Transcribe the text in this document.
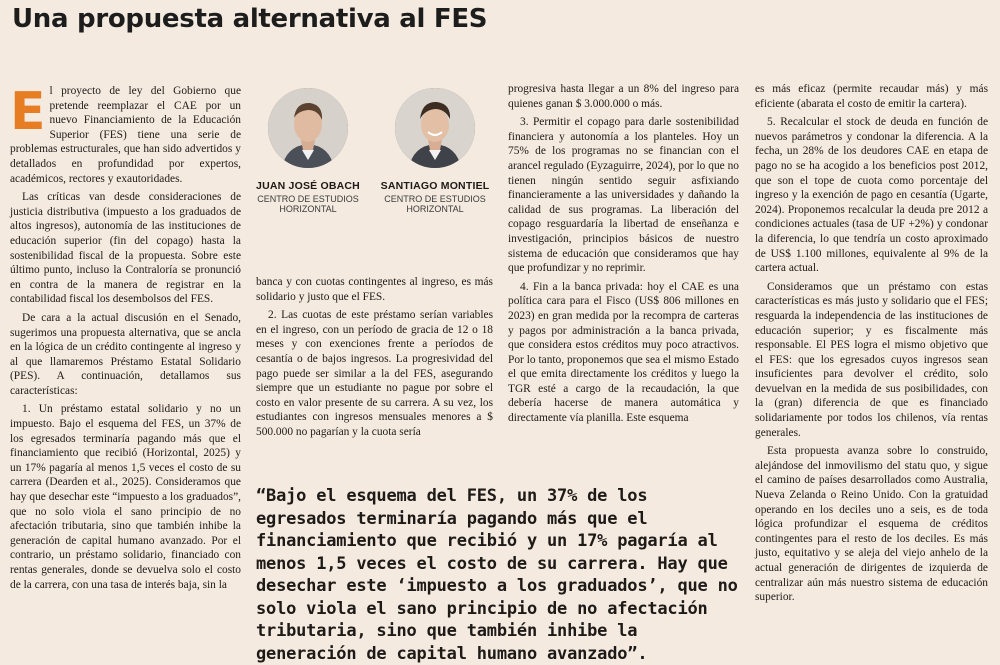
Una propuesta alternativa al FES

El proyecto de ley del Gobierno que pretende reemplazar el CAE por un nuevo Financiamiento de la Educación Superior (FES) tiene una serie de problemas estructurales, que han sido advertidos y detallados en profundidad por expertos, académicos, rectores y exautoridades.

Las críticas van desde consideraciones de justicia distributiva (impuesto a los graduados de altos ingresos), autonomía de las instituciones de educación superior (fin del copago) hasta la sostenibilidad fiscal de la propuesta. Sobre este último punto, incluso la Contraloría se pronunció en contra de la manera de registrar en la contabilidad fiscal los desembolsos del FES.

De cara a la actual discusión en el Senado, sugerimos una propuesta alternativa, que se ancla en la lógica de un crédito contingente al ingreso y al que llamaremos Préstamo Estatal Solidario (PES). A continuación, detallamos sus características:

1. Un préstamo estatal solidario y no un impuesto. Bajo el esquema del FES, un 37% de los egresados terminaría pagando más que el financiamiento que recibió (Horizontal, 2025) y un 17% pagaría al menos 1,5 veces el costo de su carrera (Dearden et al., 2025). Consideramos que hay que desechar este “impuesto a los graduados”, que no solo viola el sano principio de no afectación tributaria, sino que también inhibe la generación de capital humano avanzado. Por el contrario, un préstamo solidario, financiado con rentas generales, donde se devuelva solo el costo de la carrera, con una tasa de interés baja, sin la

JUAN JOSÉ OBACH
CENTRO DE ESTUDIOS
HORIZONTAL
SANTIAGO MONTIEL
CENTRO DE ESTUDIOS
HORIZONTAL

banca y con cuotas contingentes al ingreso, es más solidario y justo que el FES.

2. Las cuotas de este préstamo serían variables en el ingreso, con un período de gracia de 12 o 18 meses y con exenciones frente a períodos de cesantía o de bajos ingresos. La progresividad del pago puede ser similar a la del FES, asegurando siempre que un estudiante no pague por sobre el costo en valor presente de su carrera. A su vez, los estudiantes con ingresos mensuales menores a $ 500.000 no pagarían y la cuota sería

progresiva hasta llegar a un 8% del ingreso para quienes ganan $ 3.000.000 o más.

3. Permitir el copago para darle sostenibilidad financiera y autonomía a los planteles. Hoy un 75% de los programas no se financian con el arancel regulado (Eyzaguirre, 2024), por lo que no tienen ningún sentido seguir asfixiando financieramente a las universidades y dañando la calidad de sus programas. La liberación del copago resguardaría la libertad de enseñanza e investigación, principios básicos de nuestro sistema de educación que consideramos que hay que profundizar y no reprimir.

4. Fin a la banca privada: hoy el CAE es una política cara para el Fisco (US$ 806 millones en 2023) en gran medida por la recompra de carteras y pagos por administración a la banca privada, que considera estos créditos muy poco atractivos. Por lo tanto, proponemos que sea el mismo Estado el que emita directamente los créditos y luego la TGR esté a cargo de la recaudación, la que debería hacerse de manera automática y directamente vía planilla. Este esquema

es más eficaz (permite recaudar más) y más eficiente (abarata el costo de emitir la cartera).

5. Recalcular el stock de deuda en función de nuevos parámetros y condonar la diferencia. A la fecha, un 28% de los deudores CAE en etapa de pago no se ha acogido a los beneficios post 2012, que son el tope de cuota como porcentaje del ingreso y la exención de pago en cesantía (Ugarte, 2024). Proponemos recalcular la deuda pre 2012 a condiciones actuales (tasa de UF +2%) y condonar la diferencia, lo que tendría un costo aproximado de US$ 1.100 millones, equivalente al 9% de la cartera actual.

Consideramos que un préstamo con estas características es más justo y solidario que el FES; resguarda la independencia de las instituciones de educación superior; y es fiscalmente más responsable. El PES logra el mismo objetivo que el FES: que los egresados cuyos ingresos sean insuficientes para devolver el crédito, solo devuelvan en la medida de sus posibilidades, con la (gran) diferencia de que es financiado solidariamente por todos los chilenos, vía rentas generales.

Esta propuesta avanza sobre lo construido, alejándose del inmovilismo del statu quo, y sigue el camino de países desarrollados como Australia, Nueva Zelanda o Reino Unido. Con la gratuidad operando en los deciles uno a seis, es de toda lógica profundizar el esquema de créditos contingentes para el resto de los deciles. Es más justo, equitativo y se aleja del viejo anhelo de la actual generación de dirigentes de izquierda de centralizar aún más nuestro sistema de educación superior.

“Bajo el esquema del FES, un 37% de los egresados terminaría pagando más que el financiamiento que recibió y un 17% pagaría al menos 1,5 veces el costo de su carrera. Hay que desechar este ‘impuesto a los graduados’, que no solo viola el sano principio de no afectación tributaria, sino que también inhibe la generación de capital humano avanzado”.
